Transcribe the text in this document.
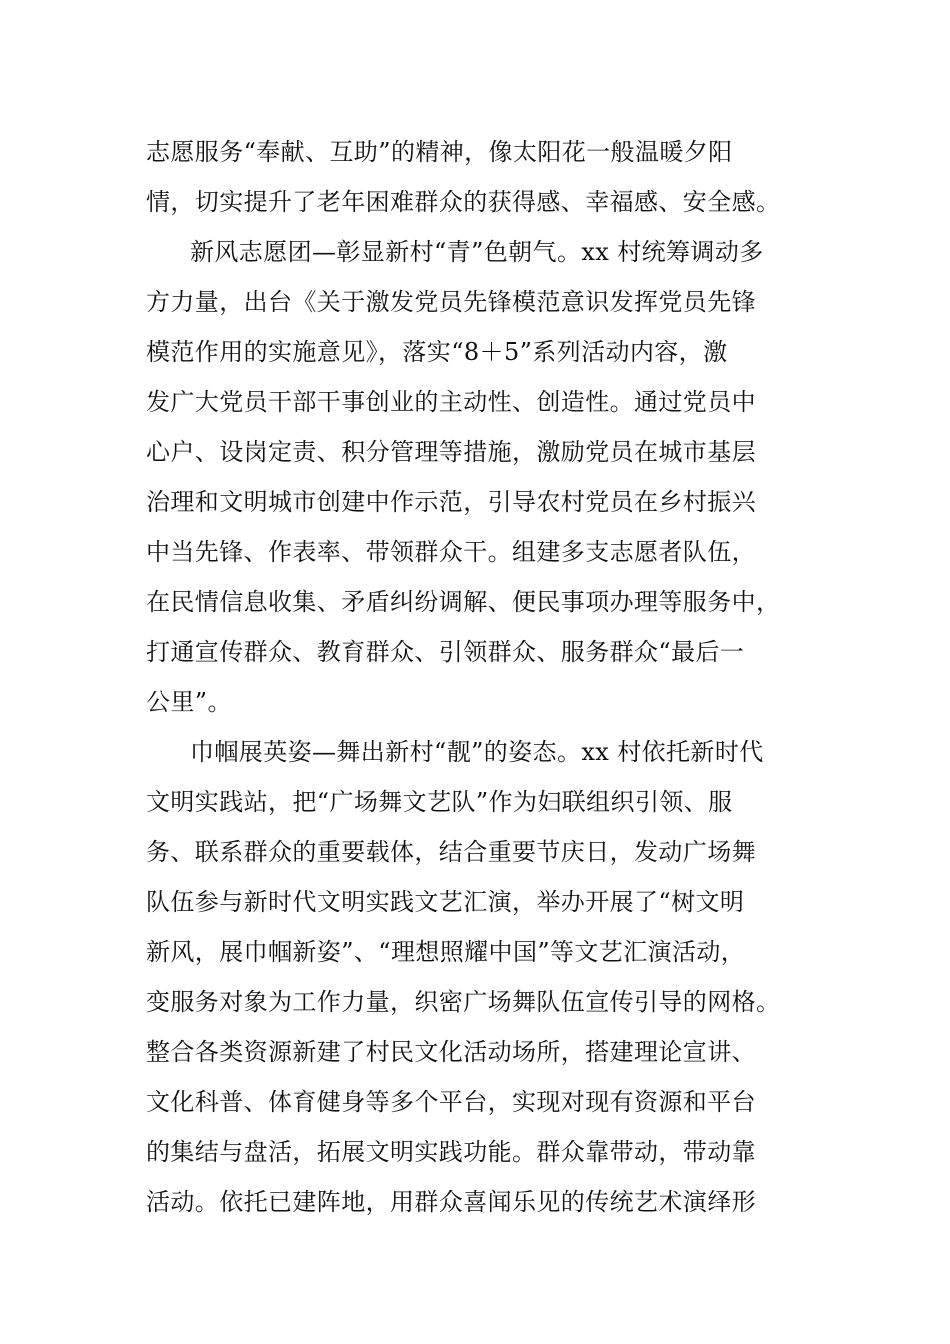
志愿服务“奉献、互助”的精神，像太阳花一般温暖夕阳
情，切实提升了老年困难群众的获得感、幸福感、安全感。
新风志愿团—彰显新村“青”色朝气。xx 村统筹调动多
方力量，出台《关于激发党员先锋模范意识发挥党员先锋
模范作用的实施意见》，落实“8＋5”系列活动内容，激
发广大党员干部干事创业的主动性、创造性。通过党员中
心户、设岗定责、积分管理等措施，激励党员在城市基层
治理和文明城市创建中作示范，引导农村党员在乡村振兴
中当先锋、作表率、带领群众干。组建多支志愿者队伍，
在民情信息收集、矛盾纠纷调解、便民事项办理等服务中，
打通宣传群众、教育群众、引领群众、服务群众“最后一
公里”。
巾帼展英姿—舞出新村“靓”的姿态。xx 村依托新时代
文明实践站，把“广场舞文艺队”作为妇联组织引领、服
务、联系群众的重要载体，结合重要节庆日，发动广场舞
队伍参与新时代文明实践文艺汇演，举办开展了“树文明
新风，展巾帼新姿”、“理想照耀中国”等文艺汇演活动，
变服务对象为工作力量，织密广场舞队伍宣传引导的网格。
整合各类资源新建了村民文化活动场所，搭建理论宣讲、
文化科普、体育健身等多个平台，实现对现有资源和平台
的集结与盘活，拓展文明实践功能。群众靠带动，带动靠
活动。依托已建阵地，用群众喜闻乐见的传统艺术演绎形
